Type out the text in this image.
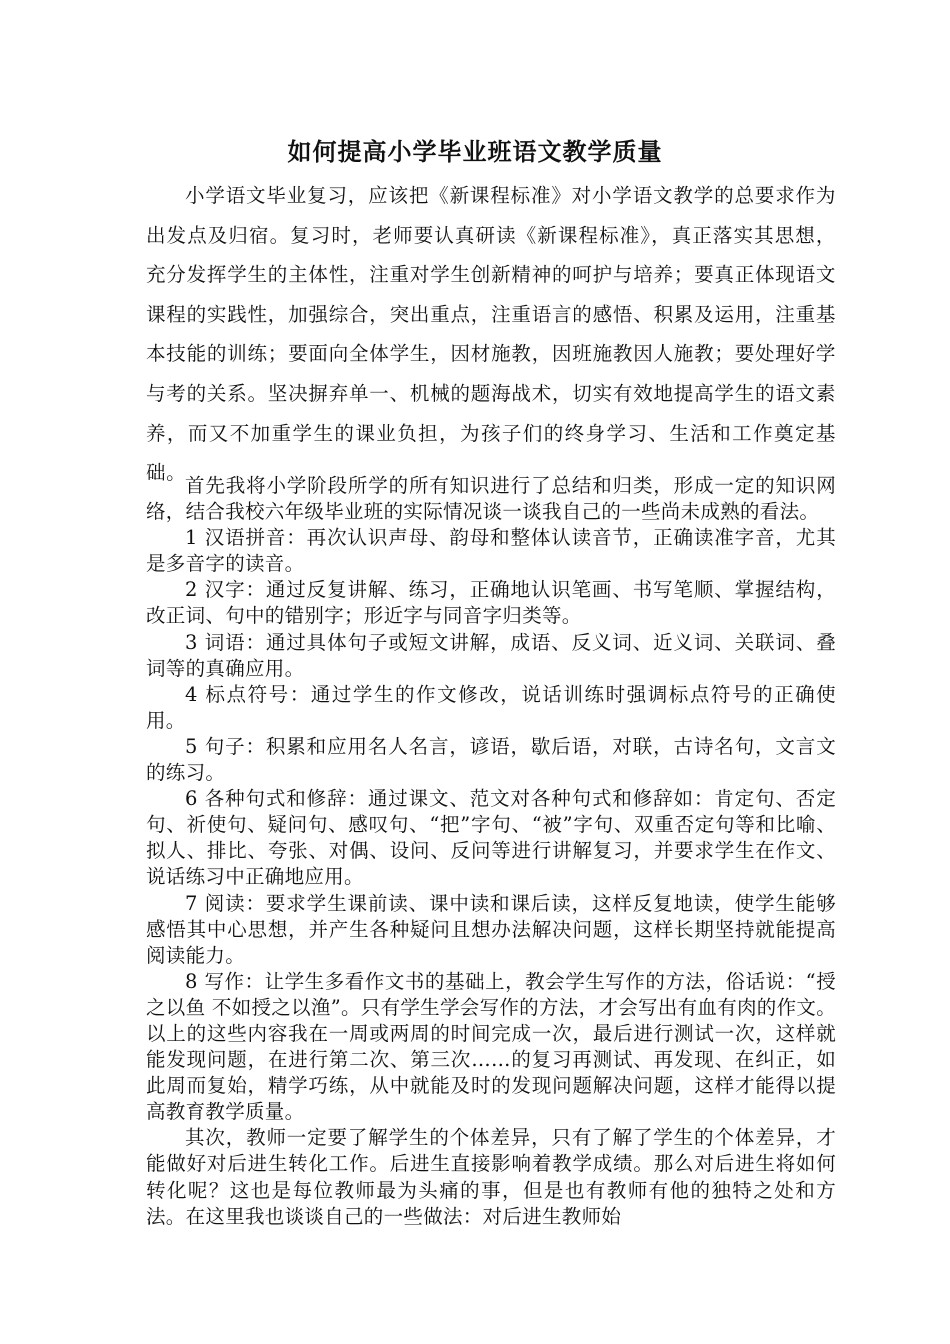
如何提高小学毕业班语文教学质量

小学语文毕业复习，应该把《新课程标准》对小学语文教学的总要求作为出发点及归宿。复习时，老师要认真研读《新课程标准》，真正落实其思想，充分发挥学生的主体性，注重对学生创新精神的呵护与培养；要真正体现语文课程的实践性，加强综合，突出重点，注重语言的感悟、积累及运用，注重基本技能的训练；要面向全体学生，因材施教，因班施教因人施教；要处理好学与考的关系。坚决摒弃单一、机械的题海战术，切实有效地提高学生的语文素养，而又不加重学生的课业负担，为孩子们的终身学习、生活和工作奠定基础。

首先我将小学阶段所学的所有知识进行了总结和归类，形成一定的知识网络，结合我校六年级毕业班的实际情况谈一谈我自己的一些尚未成熟的看法。

1 汉语拼音：再次认识声母、韵母和整体认读音节，正确读准字音，尤其是多音字的读音。

2 汉字：通过反复讲解、练习，正确地认识笔画、书写笔顺、掌握结构，改正词、句中的错别字；形近字与同音字归类等。

3 词语：通过具体句子或短文讲解，成语、反义词、近义词、关联词、叠词等的真确应用。

4 标点符号：通过学生的作文修改，说话训练时强调标点符号的正确使用。

5 句子：积累和应用名人名言，谚语，歇后语，对联，古诗名句，文言文的练习。

6 各种句式和修辞：通过课文、范文对各种句式和修辞如：肯定句、否定句、祈使句、疑问句、感叹句、“把”字句、“被”字句、双重否定句等和比喻、拟人、排比、夸张、对偶、设问、反问等进行讲解复习，并要求学生在作文、说话练习中正确地应用。

7 阅读：要求学生课前读、课中读和课后读，这样反复地读，使学生能够感悟其中心思想，并产生各种疑问且想办法解决问题，这样长期坚持就能提高阅读能力。

8 写作：让学生多看作文书的基础上，教会学生写作的方法，俗话说：“授之以鱼 不如授之以渔”。只有学生学会写作的方法，才会写出有血有肉的作文。以上的这些内容我在一周或两周的时间完成一次，最后进行测试一次，这样就能发现问题，在进行第二次、第三次……的复习再测试、再发现、在纠正，如此周而复始，精学巧练，从中就能及时的发现问题解决问题，这样才能得以提高教育教学质量。

其次，教师一定要了解学生的个体差异，只有了解了学生的个体差异，才能做好对后进生转化工作。后进生直接影响着教学成绩。那么对后进生将如何转化呢？这也是每位教师最为头痛的事，但是也有教师有他的独特之处和方法。在这里我也谈谈自己的一些做法：对后进生教师始
